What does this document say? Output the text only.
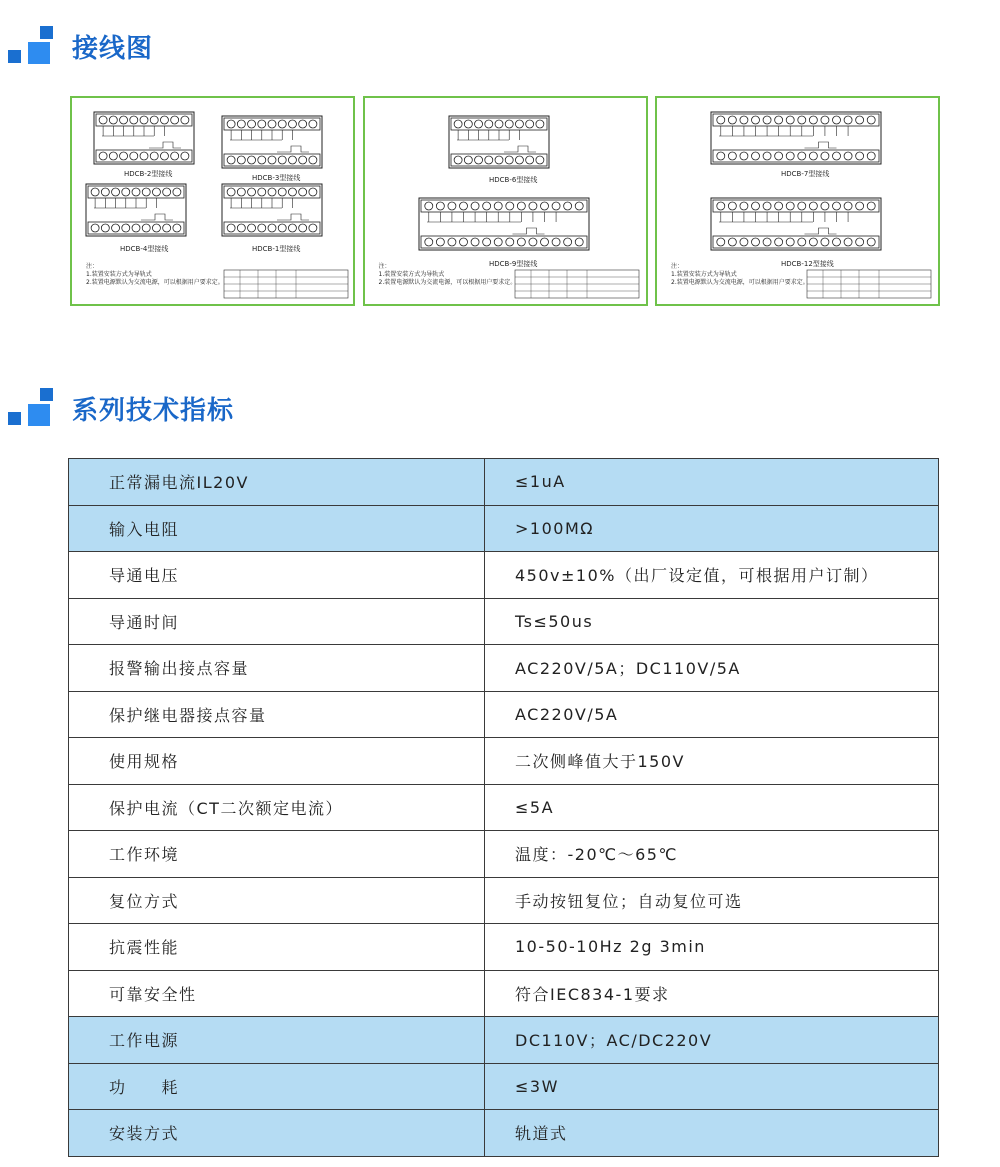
接线图
HDCB-2型接线	HDCB-3型接线
HDCB-4型接线	HDCB-1型接线
注：
1.装置安装方式为导轨式
2.装置电源默认为交流电源，可以根据用户要求定。
HDCB-6型接线
HDCB-9型接线
注：
1.装置安装方式为导轨式
2.装置电源默认为交流电源，可以根据用户要求定。
HDCB-7型接线
HDCB-12型接线
注：
1.装置安装方式为导轨式
2.装置电源默认为交流电源，可以根据用户要求定。
系列技术指标
正常漏电流IL20V	≤1uA
输入电阻	>100MΩ
导通电压	450v±10%（出厂设定值，可根据用户订制）
导通时间	Ts≤50us
报警输出接点容量	AC220V/5A；DC110V/5A
保护继电器接点容量	AC220V/5A
使用规格	二次侧峰值大于150V
保护电流（CT二次额定电流）	≤5A
工作环境	温度：-20℃～65℃
复位方式	手动按钮复位；自动复位可选
抗震性能	10-50-10Hz 2g 3min
可靠安全性	符合IEC834-1要求
工作电源	DC110V；AC/DC220V
功　　耗	≤3W
安装方式	轨道式
